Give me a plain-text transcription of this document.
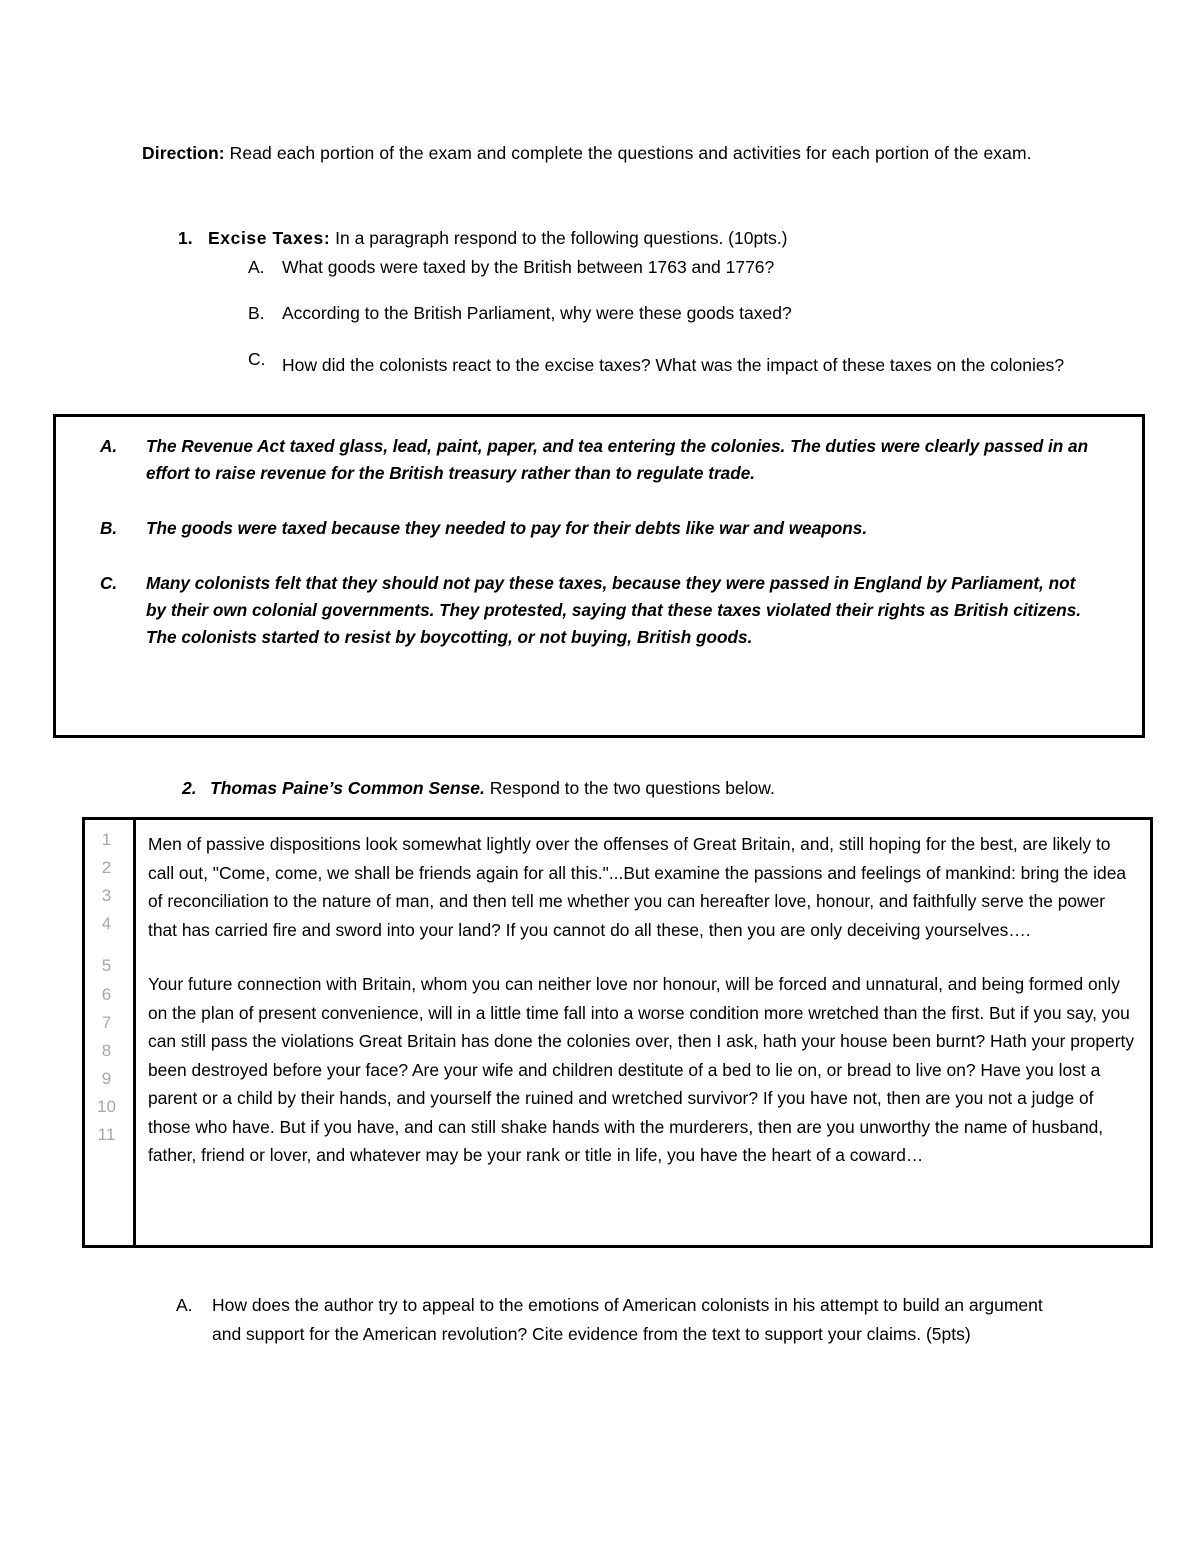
Direction: Read each portion of the exam and complete the questions and activities for each portion of the exam.
1. Excise Taxes: In a paragraph respond to the following questions. (10pts.)
A. What goods were taxed by the British between 1763 and 1776?
B. According to the British Parliament, why were these goods taxed?
C. How did the colonists react to the excise taxes? What was the impact of these taxes on the colonies?
A. The Revenue Act taxed glass, lead, paint, paper, and tea entering the colonies. The duties were clearly passed in an effort to raise revenue for the British treasury rather than to regulate trade.
B. The goods were taxed because they needed to pay for their debts like war and weapons.
C. Many colonists felt that they should not pay these taxes, because they were passed in England by Parliament, not by their own colonial governments. They protested, saying that these taxes violated their rights as British citizens. The colonists started to resist by boycotting, or not buying, British goods.
2. Thomas Paine’s Common Sense. Respond to the two questions below.
1
2
3
4
5
6
7
8
9
10
11

Men of passive dispositions look somewhat lightly over the offenses of Great Britain, and, still hoping for the best, are likely to call out, "Come, come, we shall be friends again for all this."...But examine the passions and feelings of mankind: bring the idea of reconciliation to the nature of man, and then tell me whether you can hereafter love, honour, and faithfully serve the power that has carried fire and sword into your land? If you cannot do all these, then you are only deceiving yourselves….

Your future connection with Britain, whom you can neither love nor honour, will be forced and unnatural, and being formed only on the plan of present convenience, will in a little time fall into a worse condition more wretched than the first. But if you say, you can still pass the violations Great Britain has done the colonies over, then I ask, hath your house been burnt? Hath your property been destroyed before your face? Are your wife and children destitute of a bed to lie on, or bread to live on? Have you lost a parent or a child by their hands, and yourself the ruined and wretched survivor? If you have not, then are you not a judge of those who have. But if you have, and can still shake hands with the murderers, then are you unworthy the name of husband, father, friend or lover, and whatever may be your rank or title in life, you have the heart of a coward…

A. How does the author try to appeal to the emotions of American colonists in his attempt to build an argument and support for the American revolution? Cite evidence from the text to support your claims. (5pts)
